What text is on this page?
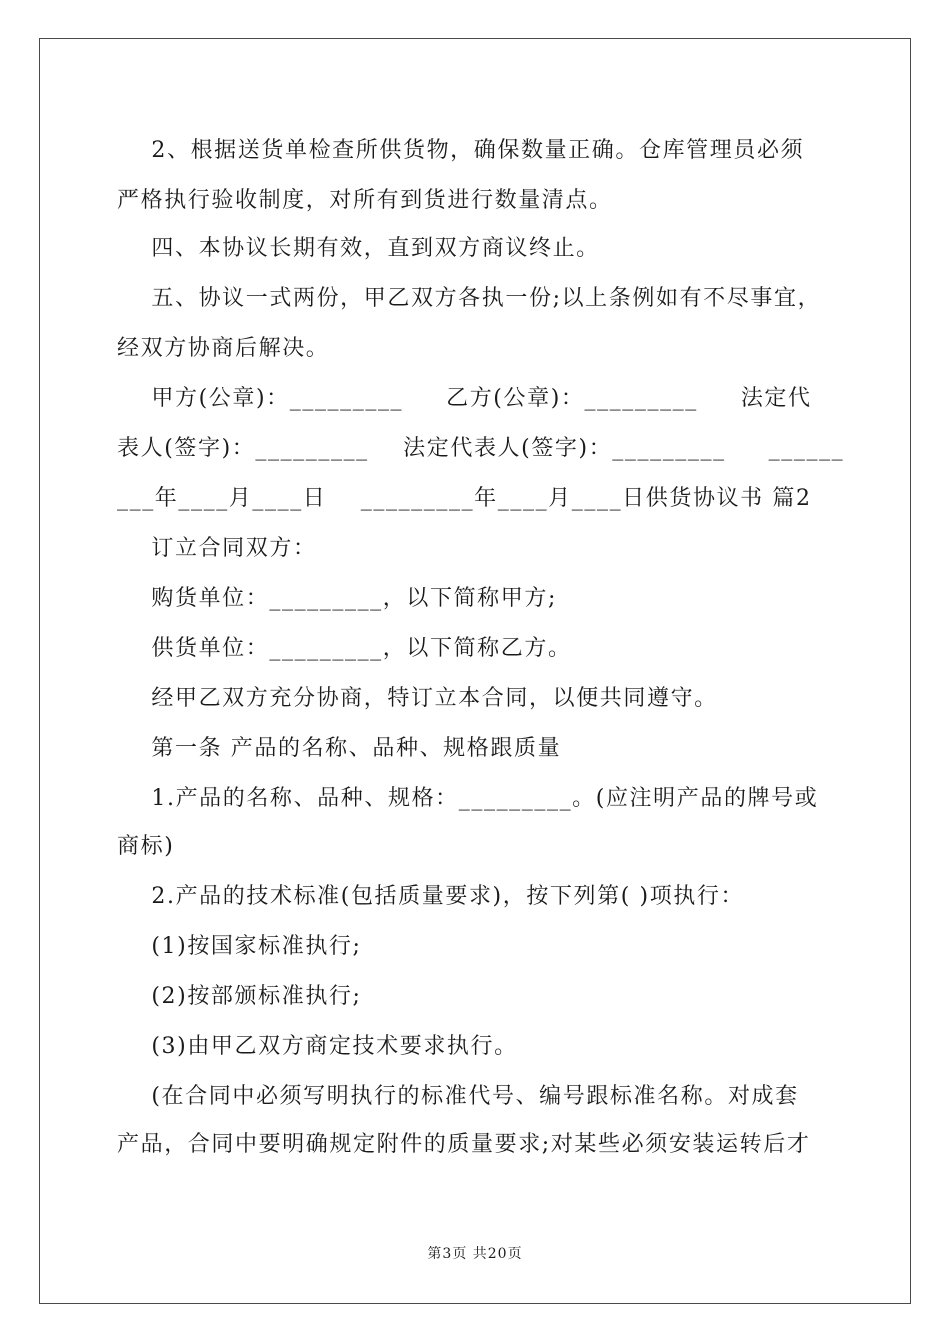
2、根据送货单检查所供货物，确保数量正确。仓库管理员必须
严格执行验收制度，对所有到货进行数量清点。
四、本协议长期有效，直到双方商议终止。
五、协议一式两份，甲乙双方各执一份;以上条例如有不尽事宜，
经双方协商后解决。
甲方(公章)：_________     乙方(公章)：_________     法定代
表人(签字)：_________    法定代表人(签字)：_________     ______
___年____月____日    _________年____月____日供货协议书 篇2
订立合同双方：
购货单位：_________，以下简称甲方;
供货单位：_________，以下简称乙方。
经甲乙双方充分协商，特订立本合同，以便共同遵守。
第一条 产品的名称、品种、规格跟质量
1.产品的名称、品种、规格：_________。(应注明产品的牌号或
商标)
2.产品的技术标准(包括质量要求)，按下列第( )项执行：
(1)按国家标准执行;
(2)按部颁标准执行;
(3)由甲乙双方商定技术要求执行。
(在合同中必须写明执行的标准代号、编号跟标准名称。对成套
产品，合同中要明确规定附件的质量要求;对某些必须安装运转后才
第3页 共20页
